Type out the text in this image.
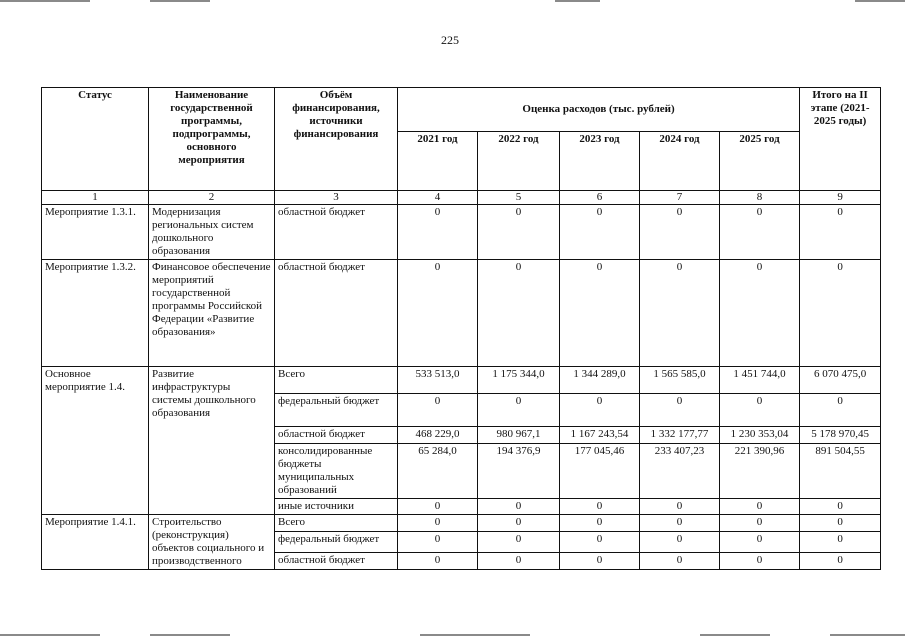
225
Статус	Наименование государственной программы, подпрограммы, основного мероприятия	Объём финансирования, источники финансирования	Оценка расходов (тыс. рублей)					Итого на II этапе (2021-2025 годы)
			2021 год	2022 год	2023 год	2024 год	2025 год	
1	2	3	4	5	6	7	8	9
Мероприятие 1.3.1.	Модернизация региональных систем дошкольного образования	областной бюджет	0	0	0	0	0	0
Мероприятие 1.3.2.	Финансовое обеспечение мероприятий государственной программы Российской Федерации «Развитие образования»	областной бюджет	0	0	0	0	0	0
Основное мероприятие 1.4.	Развитие инфраструктуры системы дошкольного образования	Всего	533 513,0	1 175 344,0	1 344 289,0	1 565 585,0	1 451 744,0	6 070 475,0
		федеральный бюджет	0	0	0	0	0	0
		областной бюджет	468 229,0	980 967,1	1 167 243,54	1 332 177,77	1 230 353,04	5 178 970,45
		консолидированные бюджеты муниципальных образований	65 284,0	194 376,9	177 045,46	233 407,23	221 390,96	891 504,55
		иные источники	0	0	0	0	0	0
Мероприятие 1.4.1.	Строительство (реконструкция) объектов социального и производственного	Всего	0	0	0	0	0	0
		федеральный бюджет	0	0	0	0	0	0
		областной бюджет	0	0	0	0	0	0
